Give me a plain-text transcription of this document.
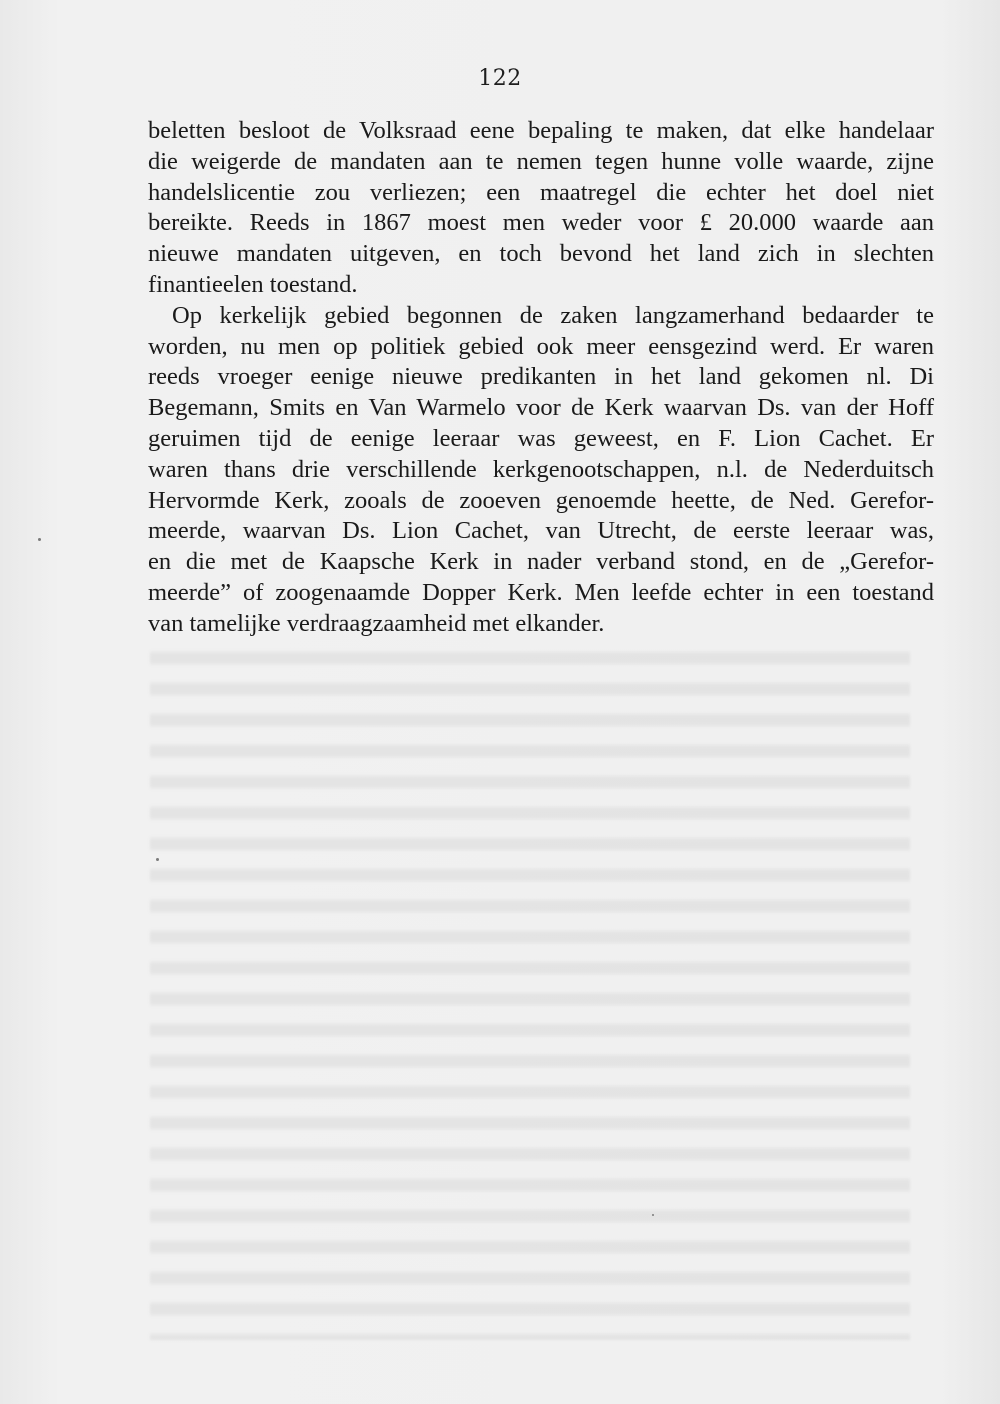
122

beletten besloot de Volksraad eene bepaling te maken, dat elke handelaar
die weigerde de mandaten aan te nemen tegen hunne volle waarde, zijne
handelslicentie zou verliezen; een maatregel die echter het doel niet
bereikte. Reeds in 1867 moest men weder voor £ 20.000 waarde aan
nieuwe mandaten uitgeven, en toch bevond het land zich in slechten
finantieelen toestand.

Op kerkelijk gebied begonnen de zaken langzamerhand bedaarder te
worden, nu men op politiek gebied ook meer eensgezind werd. Er waren
reeds vroeger eenige nieuwe predikanten in het land gekomen nl. Di
Begemann, Smits en Van Warmelo voor de Kerk waarvan Ds. van der Hoff
geruimen tijd de eenige leeraar was geweest, en F. Lion Cachet. Er
waren thans drie verschillende kerkgenootschappen, n.l. de Nederduitsch
Hervormde Kerk, zooals de zooeven genoemde heette, de Ned. Gerefor-
meerde, waarvan Ds. Lion Cachet, van Utrecht, de eerste leeraar was,
en die met de Kaapsche Kerk in nader verband stond, en de „Gerefor-
meerde” of zoogenaamde Dopper Kerk. Men leefde echter in een toestand
van tamelijke verdraagzaamheid met elkander.
